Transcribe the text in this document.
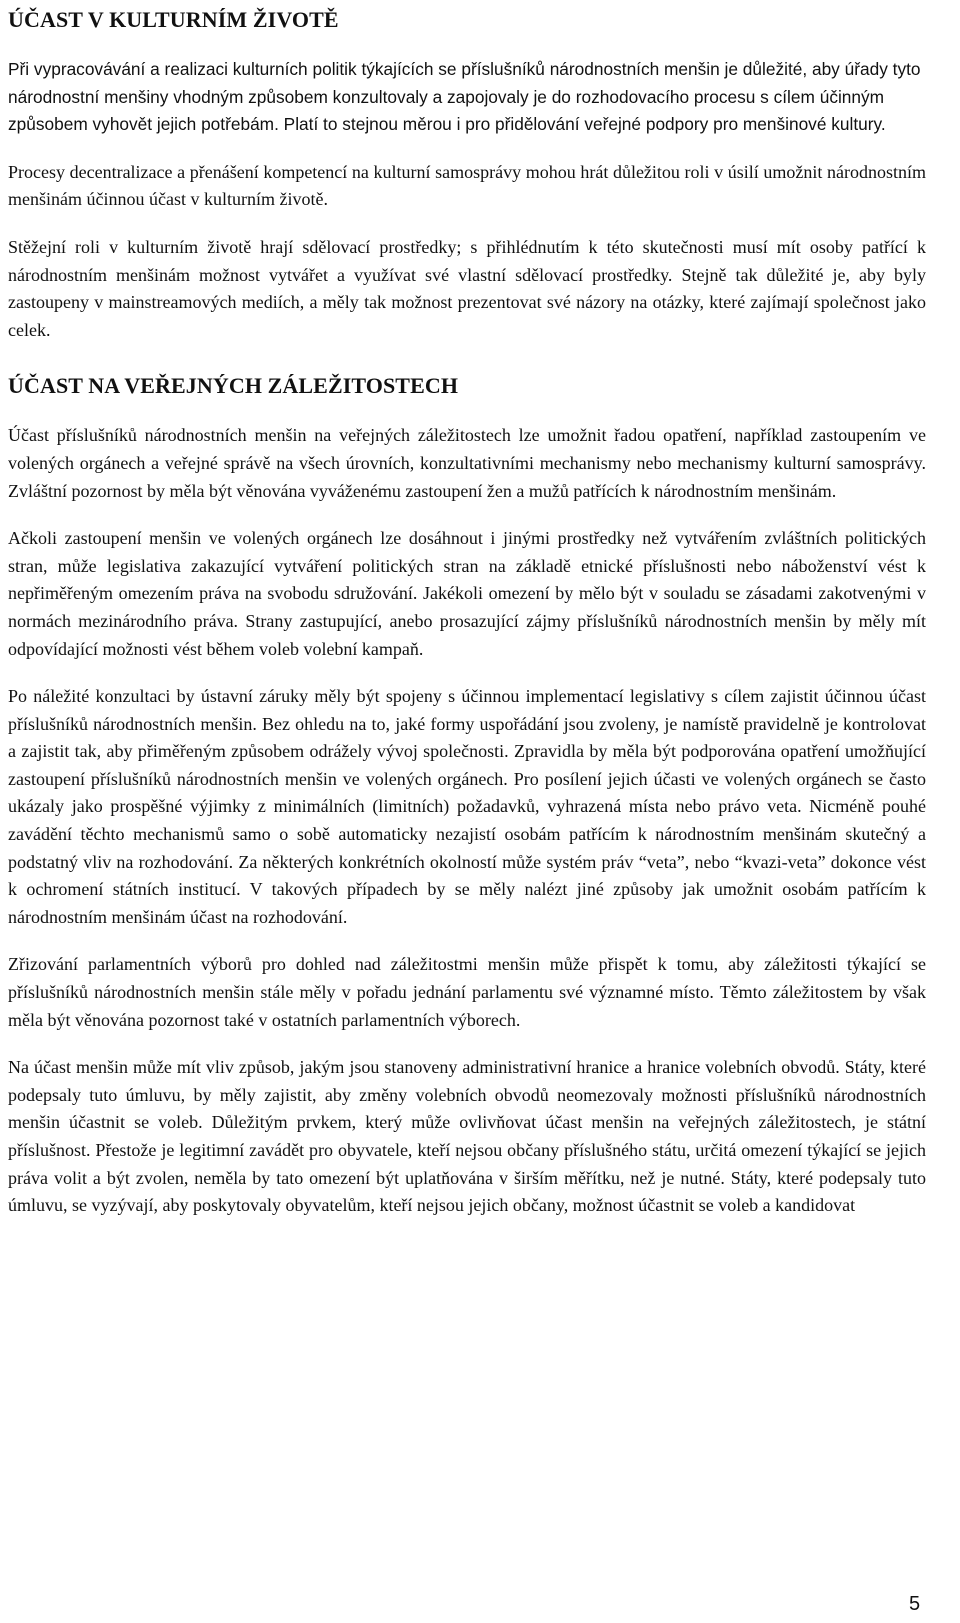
ÚČAST V KULTURNÍM ŽIVOTĚ

Při vypracovávání a realizaci kulturních politik týkajících se příslušníků národnostních menšin je důležité, aby úřady tyto národnostní menšiny vhodným způsobem konzultovaly a zapojovaly je do rozhodovacího procesu s cílem účinným způsobem vyhovět jejich potřebám. Platí to stejnou měrou i pro přidělování veřejné podpory pro menšinové kultury.

Procesy decentralizace a přenášení kompetencí na kulturní samosprávy mohou hrát důležitou roli v úsilí umožnit národnostním menšinám účinnou účast v kulturním životě.

Stěžejní roli v kulturním životě hrají sdělovací prostředky; s přihlédnutím k této skutečnosti musí mít osoby patřící k národnostním menšinám možnost vytvářet a využívat své vlastní sdělovací prostředky. Stejně tak důležité je, aby byly zastoupeny v mainstreamových mediích, a měly tak možnost prezentovat své názory na otázky, které zajímají společnost jako celek.

ÚČAST NA VEŘEJNÝCH ZÁLEŽITOSTECH

Účast příslušníků národnostních menšin na veřejných záležitostech lze umožnit řadou opatření, například zastoupením ve volených orgánech a veřejné správě na všech úrovních, konzultativními mechanismy nebo mechanismy kulturní samosprávy. Zvláštní pozornost by měla být věnována vyváženému zastoupení žen a mužů patřících k národnostním menšinám.

Ačkoli zastoupení menšin ve volených orgánech lze dosáhnout i jinými prostředky než vytvářením zvláštních politických stran, může legislativa zakazující vytváření politických stran na základě etnické příslušnosti nebo náboženství vést k nepřiměřeným omezením práva na svobodu sdružování. Jakékoli omezení by mělo být v souladu se zásadami zakotvenými v normách mezinárodního práva. Strany zastupující, anebo prosazující zájmy příslušníků národnostních menšin by měly mít odpovídající možnosti vést během voleb volební kampaň.

Po náležité konzultaci by ústavní záruky měly být spojeny s účinnou implementací legislativy s cílem zajistit účinnou účast příslušníků národnostních menšin. Bez ohledu na to, jaké formy uspořádání jsou zvoleny, je namístě pravidelně je kontrolovat a zajistit tak, aby přiměřeným způsobem odrážely vývoj společnosti. Zpravidla by měla být podporována opatření umožňující zastoupení příslušníků národnostních menšin ve volených orgánech. Pro posílení jejich účasti ve volených orgánech se často ukázaly jako prospěšné výjimky z minimálních (limitních) požadavků, vyhrazená místa nebo právo veta. Nicméně pouhé zavádění těchto mechanismů samo o sobě automaticky nezajistí osobám patřícím k národnostním menšinám skutečný a podstatný vliv na rozhodování. Za některých konkrétních okolností může systém práv “veta”, nebo “kvazi-veta” dokonce vést k ochromení státních institucí. V takových případech by se měly nalézt jiné způsoby jak umožnit osobám patřícím k národnostním menšinám účast na rozhodování.

Zřizování parlamentních výborů pro dohled nad záležitostmi menšin může přispět k tomu, aby záležitosti týkající se příslušníků národnostních menšin stále měly v pořadu jednání parlamentu své významné místo. Těmto záležitostem by však měla být věnována pozornost také v ostatních parlamentních výborech.

Na účast menšin může mít vliv způsob, jakým jsou stanoveny administrativní hranice a hranice volebních obvodů. Státy, které podepsaly tuto úmluvu, by měly zajistit, aby změny volebních obvodů neomezovaly možnosti příslušníků národnostních menšin účastnit se voleb. Důležitým prvkem, který může ovlivňovat účast menšin na veřejných záležitostech, je státní příslušnost. Přestože je legitimní zavádět pro obyvatele, kteří nejsou občany příslušného státu, určitá omezení týkající se jejich práva volit a být zvolen, neměla by tato omezení být uplatňována v širším měřítku, než je nutné. Státy, které podepsaly tuto úmluvu, se vyzývají, aby poskytovaly obyvatelům, kteří nejsou jejich občany, možnost účastnit se voleb a kandidovat

5
